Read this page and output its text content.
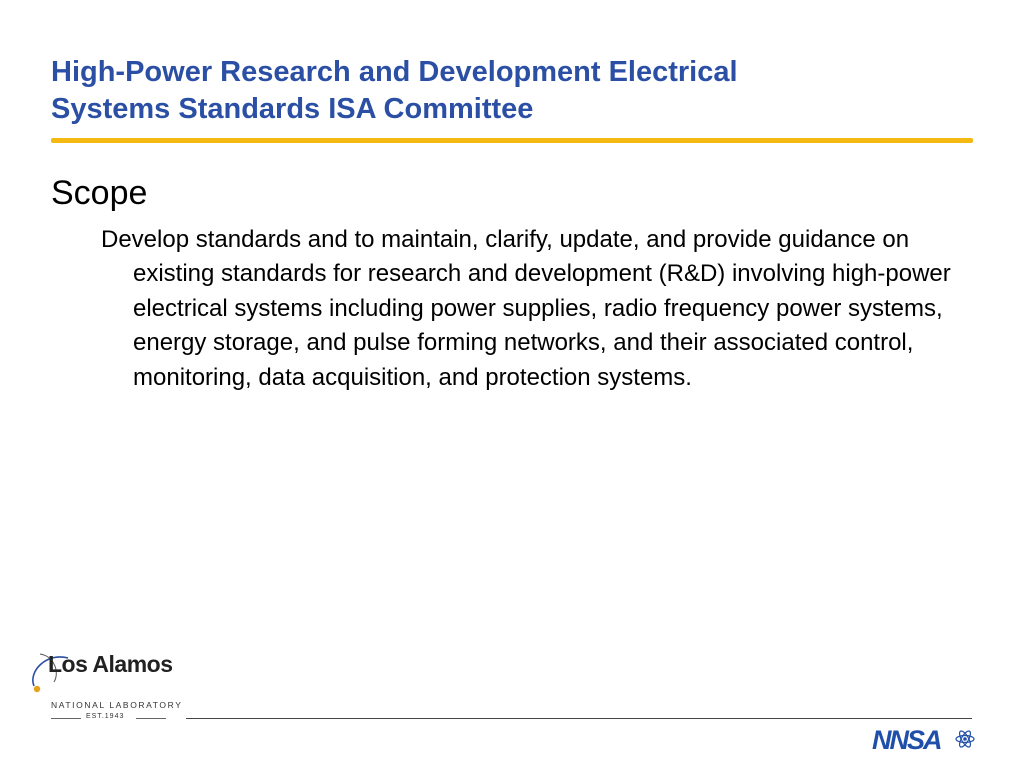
High-Power Research and Development Electrical
Systems Standards ISA Committee
Scope

Develop standards and to maintain, clarify, update, and provide guidance on existing standards for research and development (R&D) involving high-power electrical systems including power supplies, radio frequency power systems, energy storage, and pulse forming networks, and their associated control, monitoring, data acquisition, and protection systems.

Los Alamos
NATIONAL LABORATORY
EST.1943
NNSA
